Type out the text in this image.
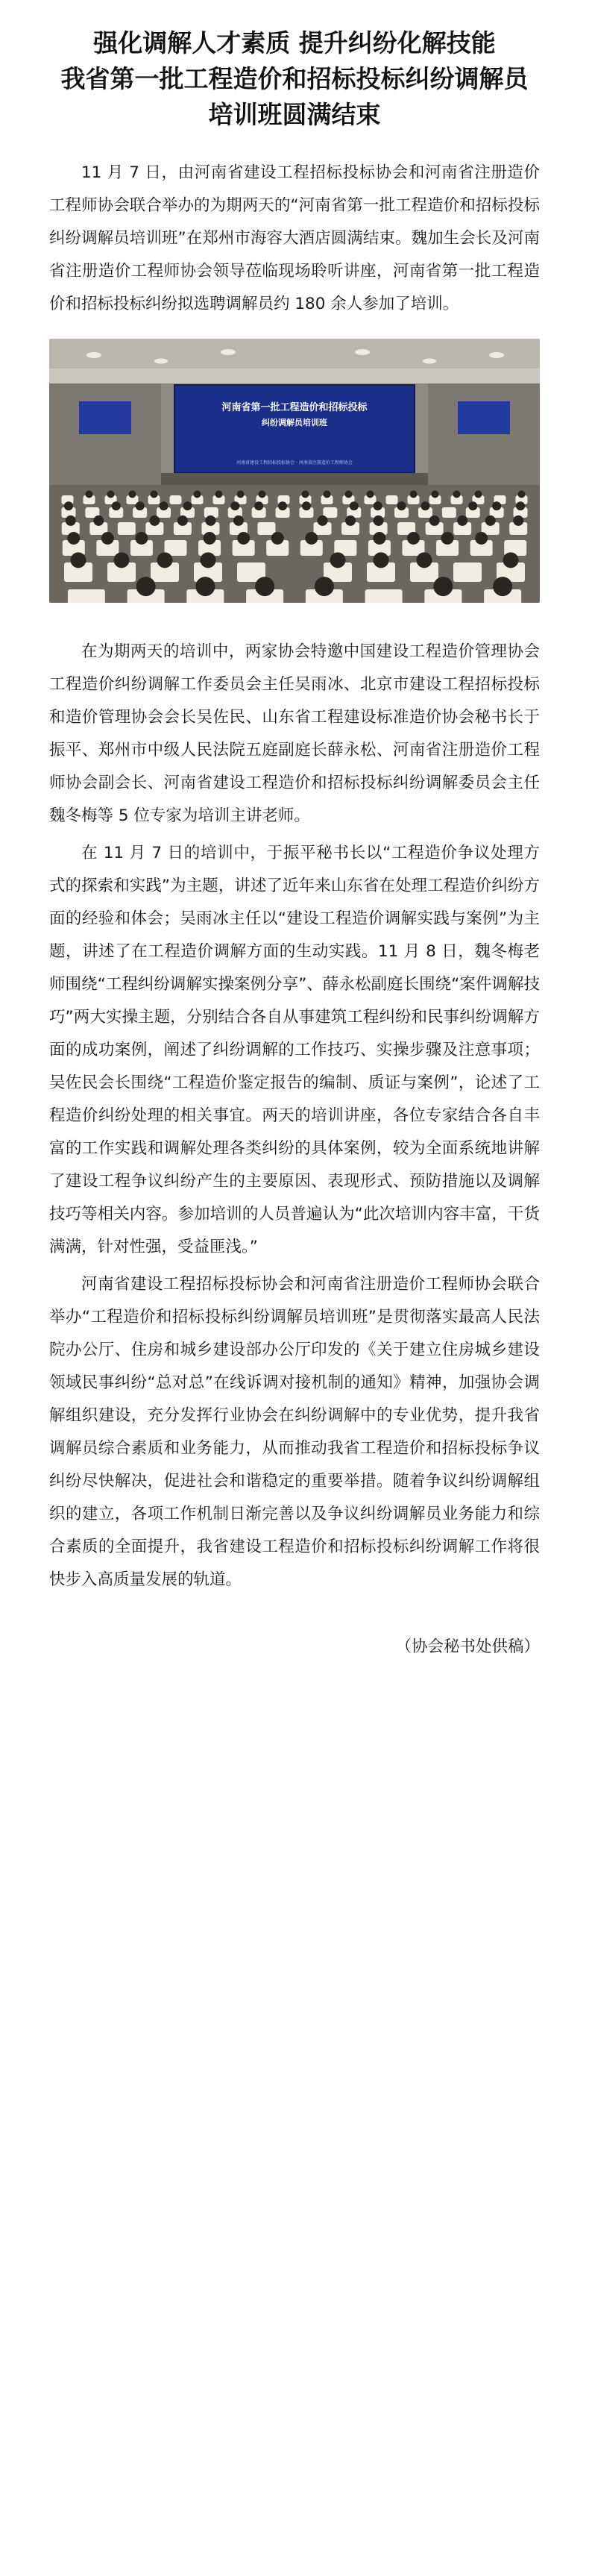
强化调解人才素质 提升纠纷化解技能
我省第一批工程造价和招标投标纠纷调解员培训班圆满结束

11 月 7 日，由河南省建设工程招标投标协会和河南省注册造价工程师协会联合举办的为期两天的“河南省第一批工程造价和招标投标纠纷调解员培训班”在郑州市海容大酒店圆满结束。魏加生会长及河南省注册造价工程师协会领导莅临现场聆听讲座，河南省第一批工程造价和招标投标纠纷拟选聘调解员约 180 余人参加了培训。

河南省第一批工程造价和招标投标
纠纷调解员培训班
河南省建设工程招标投标协会 · 河南省注册造价工程师协会

在为期两天的培训中，两家协会特邀中国建设工程造价管理协会工程造价纠纷调解工作委员会主任吴雨冰、北京市建设工程招标投标和造价管理协会会长吴佐民、山东省工程建设标准造价协会秘书长于振平、郑州市中级人民法院五庭副庭长薛永松、河南省注册造价工程师协会副会长、河南省建设工程造价和招标投标纠纷调解委员会主任魏冬梅等 5 位专家为培训主讲老师。

在 11 月 7 日的培训中，于振平秘书长以“工程造价争议处理方式的探索和实践”为主题，讲述了近年来山东省在处理工程造价纠纷方面的经验和体会；吴雨冰主任以“建设工程造价调解实践与案例”为主题，讲述了在工程造价调解方面的生动实践。11 月 8 日，魏冬梅老师围绕“工程纠纷调解实操案例分享”、薛永松副庭长围绕“案件调解技巧”两大实操主题，分别结合各自从事建筑工程纠纷和民事纠纷调解方面的成功案例，阐述了纠纷调解的工作技巧、实操步骤及注意事项；吴佐民会长围绕“工程造价鉴定报告的编制、质证与案例”，论述了工程造价纠纷处理的相关事宜。两天的培训讲座，各位专家结合各自丰富的工作实践和调解处理各类纠纷的具体案例，较为全面系统地讲解了建设工程争议纠纷产生的主要原因、表现形式、预防措施以及调解技巧等相关内容。参加培训的人员普遍认为“此次培训内容丰富，干货满满，针对性强，受益匪浅。”

河南省建设工程招标投标协会和河南省注册造价工程师协会联合举办“工程造价和招标投标纠纷调解员培训班”是贯彻落实最高人民法院办公厅、住房和城乡建设部办公厅印发的《关于建立住房城乡建设领域民事纠纷“总对总”在线诉调对接机制的通知》精神，加强协会调解组织建设，充分发挥行业协会在纠纷调解中的专业优势，提升我省调解员综合素质和业务能力，从而推动我省工程造价和招标投标争议纠纷尽快解决，促进社会和谐稳定的重要举措。随着争议纠纷调解组织的建立，各项工作机制日渐完善以及争议纠纷调解员业务能力和综合素质的全面提升，我省建设工程造价和招标投标纠纷调解工作将很快步入高质量发展的轨道。

（协会秘书处供稿）
